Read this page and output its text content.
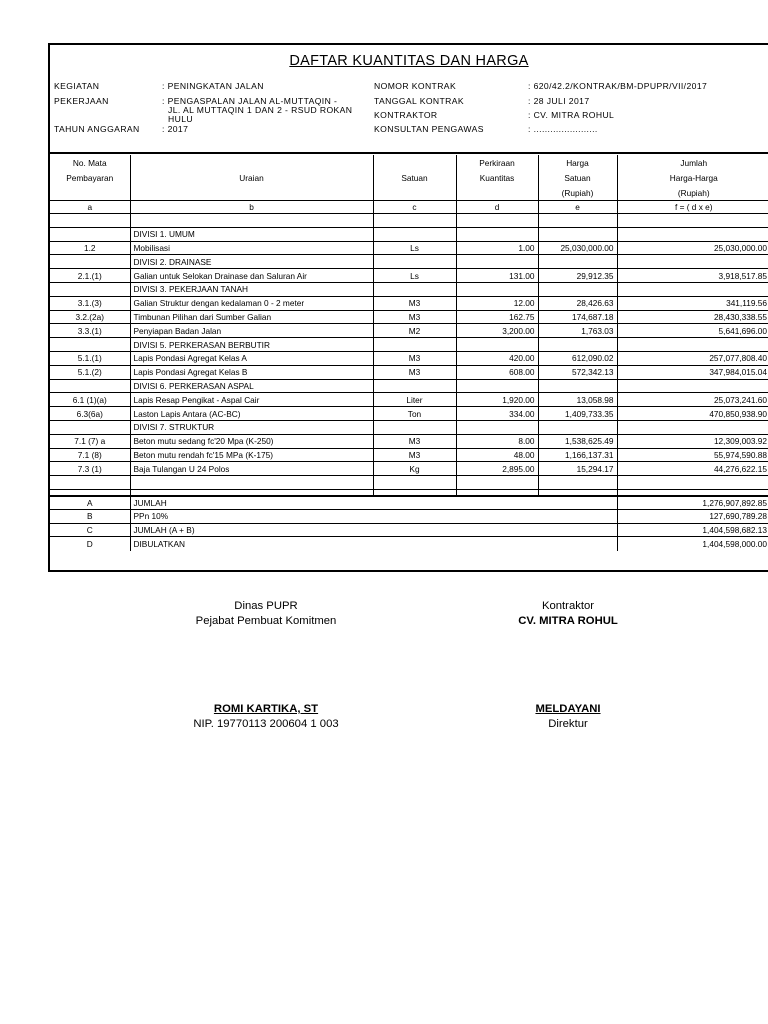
DAFTAR KUANTITAS DAN HARGA
KEGIATAN	: PENINGKATAN JALAN
PEKERJAAN	: PENGASPALAN JALAN AL-MUTTAQIN -
JL. AL MUTTAQIN 1 DAN 2 - RSUD ROKAN
HULU
TAHUN ANGGARAN	: 2017
NOMOR KONTRAK	: 620/42.2/KONTRAK/BM-DPUPR/VII/2017
TANGGAL KONTRAK	: 28 JULI 2017
KONTRAKTOR	: CV. MITRA ROHUL
KONSULTAN PENGAWAS	: .......................
No. Mata			Perkiraan	Harga	Jumlah
Pembayaran	Uraian	Satuan	Kuantitas	Satuan	Harga-Harga
				(Rupiah)	(Rupiah)
a	b	c	d	e	f = ( d x e)

	DIVISI 1. UMUM				
1.2	Mobilisasi	Ls	1.00	25,030,000.00	25,030,000.00
	DIVISI 2. DRAINASE				
2.1.(1)	Galian untuk Selokan Drainase dan Saluran Air	Ls	131.00	29,912.35	3,918,517.85
	DIVISI 3. PEKERJAAN TANAH				
3.1.(3)	Galian Struktur dengan kedalaman 0 - 2 meter	M3	12.00	28,426.63	341,119.56
3.2.(2a)	Timbunan Pilihan dari Sumber Galian	M3	162.75	174,687.18	28,430,338.55
3.3.(1)	Penyiapan Badan Jalan	M2	3,200.00	1,763.03	5,641,696.00
	DIVISI 5. PERKERASAN BERBUTIR				
5.1.(1)	Lapis Pondasi Agregat Kelas A	M3	420.00	612,090.02	257,077,808.40
5.1.(2)	Lapis Pondasi Agregat Kelas B	M3	608.00	572,342.13	347,984,015.04
	DIVISI 6. PERKERASAN ASPAL				
6.1 (1)(a)	Lapis Resap Pengikat - Aspal Cair	Liter	1,920.00	13,058.98	25,073,241.60
6.3(6a)	Laston Lapis Antara (AC-BC)	Ton	334.00	1,409,733.35	470,850,938.90
	DIVISI 7. STRUKTUR				
7.1 (7) a	Beton mutu sedang fc'20 Mpa (K-250)	M3	8.00	1,538,625.49	12,309,003.92
7.1 (8)	Beton mutu rendah fc'15 MPa (K-175)	M3	48.00	1,166,137.31	55,974,590.88
7.3 (1)	Baja Tulangan U 24 Polos	Kg	2,895.00	15,294.17	44,276,622.15

A	JUMLAH				1,276,907,892.85
B	PPn 10%				127,690,789.28
C	JUMLAH (A + B)				1,404,598,682.13
D	DIBULATKAN				1,404,598,000.00
Dinas PUPR
Pejabat Pembuat Komitmen
ROMI KARTIKA, ST
NIP. 19770113 200604 1 003
Kontraktor
CV. MITRA ROHUL
MELDAYANI
Direktur
